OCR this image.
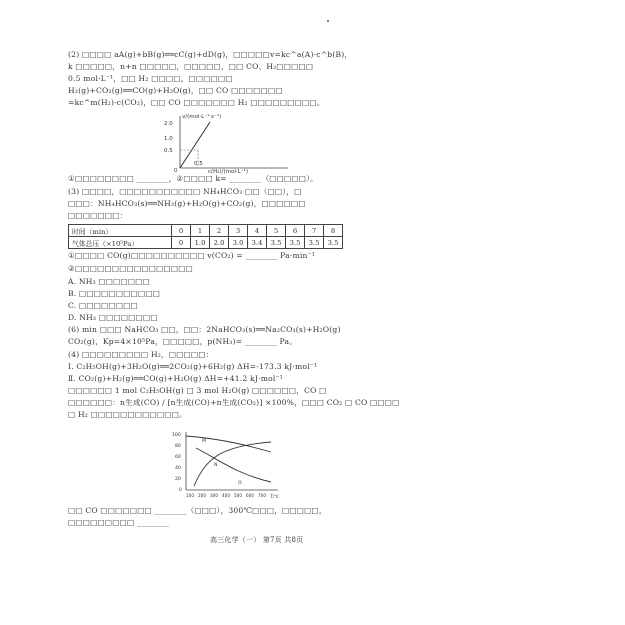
(2) □□□□ aA(g)+bB(g)══cC(g)+dD(g)，□□□□□v=kc^a(A)·c^b(B)，
k □□□□□，n+n □□□□□，□□□□□，□□ CO、H₂□□□□□
0.5 mol·L⁻¹，□□ H₂ □□□□，□□□□□□
H₂(g)+CO₂(g)══CO(g)+H₂O(g)，□□ CO □□□□□□□
=kc^m(H₂)·c(CO₂)，□□ CO □□□□□□□ H₂ □□□□□□□□□。
v/(mol·L⁻¹·s⁻¹)
2.0
1.0
0.5
0
0.5
c(H₂)/(mol·L⁻¹)
①□□□□□□□□ ________，②□□□□ k= ________（□□□□□）。
(3) □□□□，□□□□□□□□□□□ NH₄HCO₃ □□（□□），□
□□□：NH₄HCO₃(s)══NH₃(g)+H₂O(g)+CO₂(g)，□□□□□□
□□□□□□□：
时间（min）	0	1	2	3	4	5	6	7	8
气体总压（×10⁵Pa）	0	1.0	2.0	3.0	3.4	3.5	3.5	3.5	3.5
①□□□□ CO(g)□□□□□□□□□□ v(CO₂) = ________ Pa·min⁻¹
②□□□□□□□□□□□□□□□□
A. NH₃ □□□□□□□
B. □□□□□□□□□□□
C. □□□□□□□□
D. NH₃ □□□□□□□□
(6) min □□□ NaHCO₃ □□，□□：2NaHCO₃(s)══Na₂CO₃(s)+H₂O(g)
CO₂(g)，Kp=4×10⁵Pa，□□□□□，p(NH₃)= ________ Pa。
(4) □□□□□□□□□ H₂，□□□□□：
Ⅰ. C₂H₅OH(g)+3H₂O(g)══2CO₂(g)+6H₂(g) ΔH=-173.3 kJ·mol⁻¹
Ⅱ. CO₂(g)+H₂(g)══CO(g)+H₂O(g) ΔH=+41.2 kJ·mol⁻¹
□□□□□□ 1 mol C₂H₅OH(g) □ 3 mol H₂O(g) □□□□□□，CO □
□□□□□□：n生成(CO) / [n生成(CO)+n生成(CO₂)] ×100%，□□□ CO₂ □ CO □□□□
□ H₂ □□□□□□□□□□□□。
100
80
60
40
20
0
100 200 300 400 500 600 700
M
N
O
T/℃
□□ CO □□□□□□□ ________（□□□），300℃□□□，□□□□□，
□□□□□□□□□ ________
高三化学（一） 第7页 共8页
